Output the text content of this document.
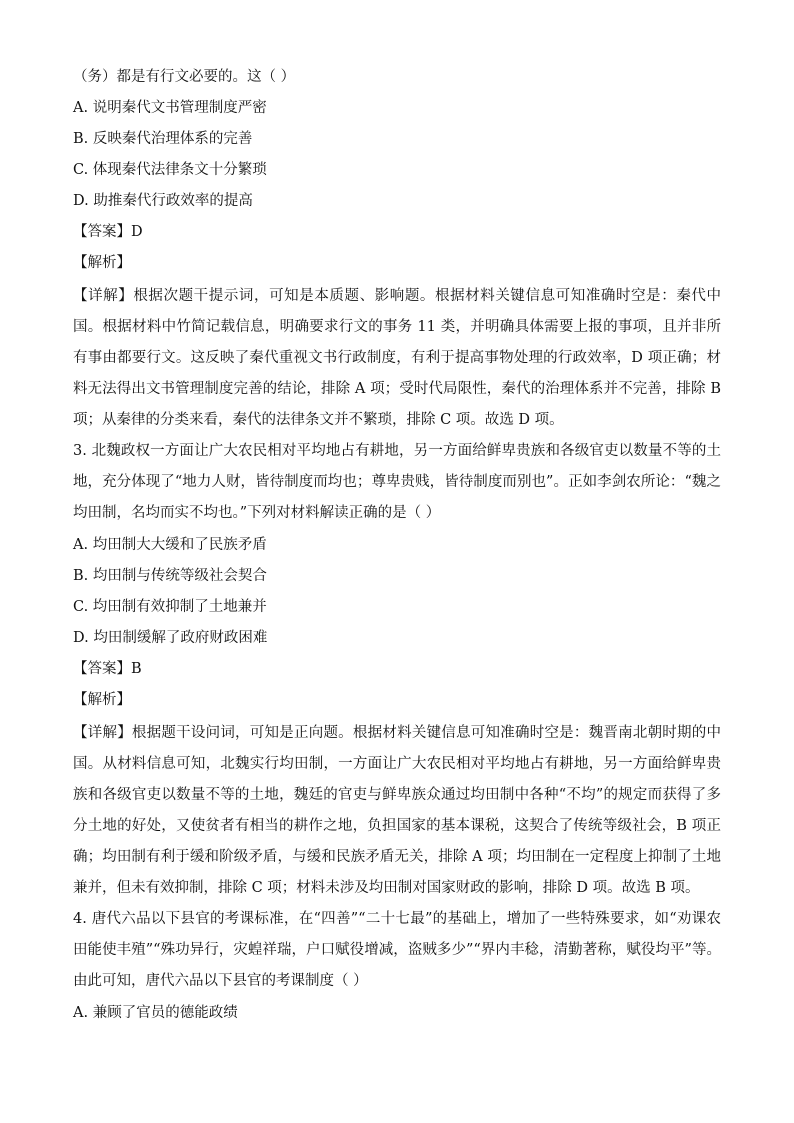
（务）都是有行文必要的。这（ ）
A. 说明秦代文书管理制度严密
B. 反映秦代治理体系的完善
C. 体现秦代法律条文十分繁琐
D. 助推秦代行政效率的提高
【答案】D
【解析】
【详解】根据次题干提示词，可知是本质题、影响题。根据材料关键信息可知准确时空是：秦代中国。根据材料中竹简记载信息，明确要求行文的事务 11 类，并明确具体需要上报的事项，且并非所有事由都要行文。这反映了秦代重视文书行政制度，有利于提高事物处理的行政效率，D 项正确；材料无法得出文书管理制度完善的结论，排除 A 项；受时代局限性，秦代的治理体系并不完善，排除 B 项；从秦律的分类来看，秦代的法律条文并不繁琐，排除 C 项。故选 D 项。
3. 北魏政权一方面让广大农民相对平均地占有耕地，另一方面给鲜卑贵族和各级官吏以数量不等的土地，充分体现了“地力人财，皆待制度而均也；尊卑贵贱，皆待制度而别也”。正如李剑农所论：“魏之均田制，名均而实不均也。”下列对材料解读正确的是（ ）
A. 均田制大大缓和了民族矛盾
B. 均田制与传统等级社会契合
C. 均田制有效抑制了土地兼并
D. 均田制缓解了政府财政困难
【答案】B
【解析】
【详解】根据题干设问词，可知是正向题。根据材料关键信息可知准确时空是：魏晋南北朝时期的中国。从材料信息可知，北魏实行均田制，一方面让广大农民相对平均地占有耕地，另一方面给鲜卑贵族和各级官吏以数量不等的土地，魏廷的官吏与鲜卑族众通过均田制中各种“不均”的规定而获得了多分土地的好处，又使贫者有相当的耕作之地，负担国家的基本课税，这契合了传统等级社会，B 项正确；均田制有利于缓和阶级矛盾，与缓和民族矛盾无关，排除 A 项；均田制在一定程度上抑制了土地兼并，但未有效抑制，排除 C 项；材料未涉及均田制对国家财政的影响，排除 D 项。故选 B 项。
4. 唐代六品以下县官的考课标准，在“四善”“二十七最”的基础上，增加了一些特殊要求，如“劝课农田能使丰殖”“殊功异行，灾蝗祥瑞，户口赋役增减，盗贼多少”“界内丰稔，清勤著称，赋役均平”等。由此可知，唐代六品以下县官的考课制度（ ）
A. 兼顾了官员的德能政绩
